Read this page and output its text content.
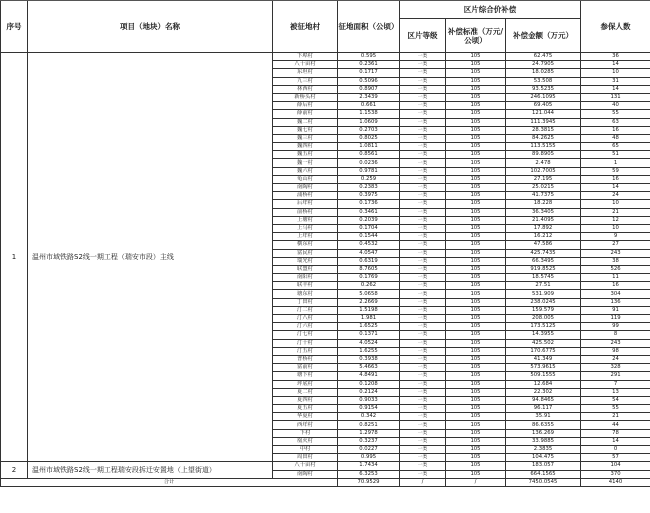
序号	项目（地块）名称	被征地村	征地面积（公顷）	区片综合价补偿			参保人数
				区片等级	补偿标准（万元/公顷）	补偿金额（万元）	
1	温州市域铁路S2线一期工程（瑞安市段）主线	下埠村	0.595	一类	105	62.475	36
		八十亩村	0.2361	一类	105	24.7905	14
		东坦村	0.1717	一类	105	18.0285	10
		九三村	0.5096	一类	105	53.508	31
		林西村	0.8907	一类	105	93.5235	14
		新桥头村	2.3439	一类	105	246.1095	131
		薛后村	0.661	一类	105	69.405	40
		薛前村	1.1538	一类	105	121.044	55
		魏二村	1.0609	一类	105	111.3945	63
		魏七村	0.2703	一类	105	28.3815	16
		魏三村	0.8025	一类	105	84.2625	48
		魏四村	1.0811	一类	105	113.5155	65
		魏五村	0.8561	一类	105	89.8905	51
		魏一村	0.0236	一类	105	2.478	1
		魏六村	0.9781	一类	105	102.7005	59
		龟山村	0.259	一类	105	27.195	16
		南陶村	0.2383	一类	105	25.0215	14
		浦桥村	0.3975	一类	105	41.7375	24
		后垟村	0.1736	一类	105	18.228	10
		前桥村	0.3461	一类	105	36.3405	21
		上塘村	0.2039	一类	105	21.4095	12
		上马村	0.1704	一类	105	17.892	10
		上垟村	0.1544	一类	105	16.212	9
		横东村	0.4532	一类	105	47.586	27
		富民村	4.0547	一类	105	425.7435	243
		瑞光村	0.6319	一类	105	66.3495	38
		联盟村	8.7605	一类	105	919.8525	526
		南阳村	0.1769	一类	105	18.5745	11
		联丰村	0.262	一类	105	27.51	16
		塘东村	5.0658	一类	105	531.909	304
		丁田村	2.2669	一类	105	238.0245	136
		汀二村	1.5198	一类	105	159.579	91
		汀八村	1.981	一类	105	208.005	119
		汀六村	1.6525	一类	105	173.5125	99
		汀七村	0.1371	一类	105	14.3955	8
		汀十村	4.0524	一类	105	425.502	243
		汀五村	1.6255	一类	105	170.6775	98
		普桥村	0.3938	一类	105	41.349	24
		富前村	5.4663	一类	105	573.9615	328
		塘下村	4.8491	一类	105	509.1555	291
		坪底村	0.1208	一类	105	12.684	7
		夏二村	0.2124	一类	105	22.302	13
		夏四村	0.9033	一类	105	94.8465	54
		夏五村	0.9154	一类	105	96.117	55
		华夏村	0.342	一类	105	35.91	21
		西垟村	0.8251	一类	105	86.6355	44
		下村	1.2978	一类	105	136.269	78
		凰火村	0.3237	一类	105	33.9885	14
		中村	0.0227	一类	105	2.3835	0
		周田村	0.995	一类	105	104.475	57
2	温州市域铁路S2线一期工程瑞安段拆迁安置地（上望街道）	八十亩村	1.7434	一类	105	183.057	104
		南陶村	6.3253	一类	105	664.1565	370
合计			70.9529	/	/	7450.0545	4140
